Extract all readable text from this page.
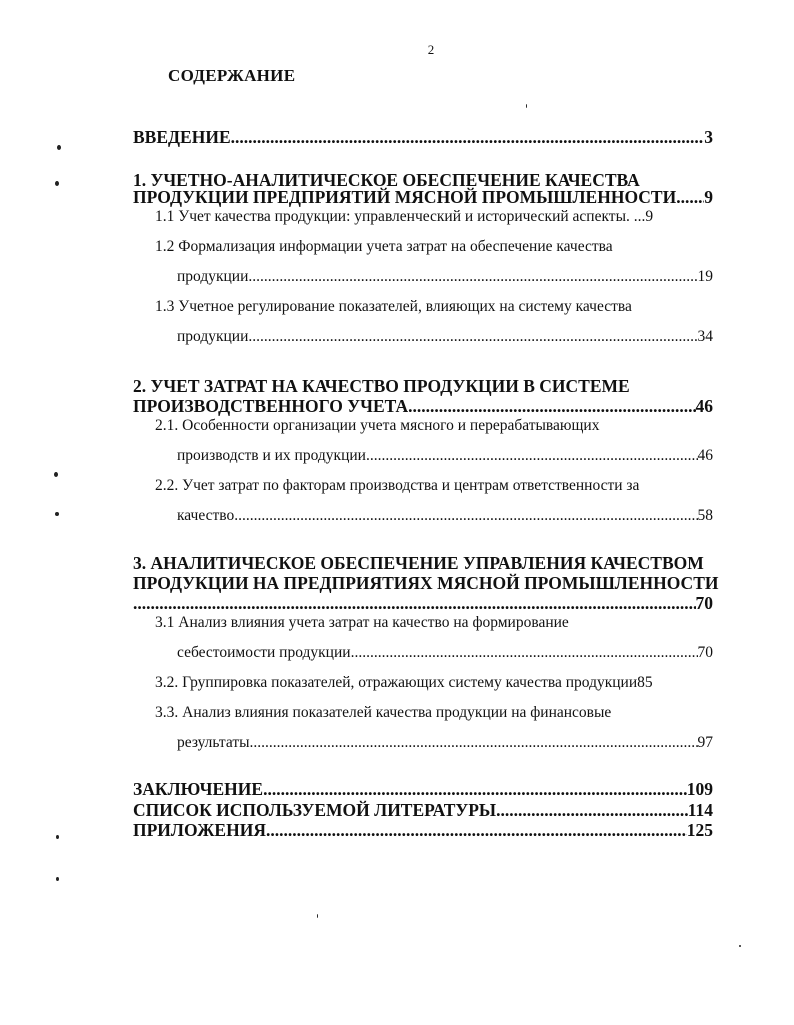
2
СОДЕРЖАНИЕ
ВВЕДЕНИЕ .....	3
1. УЧЕТНО-АНАЛИТИЧЕСКОЕ ОБЕСПЕЧЕНИЕ КАЧЕСТВА
ПРОДУКЦИИ ПРЕДПРИЯТИЙ МЯСНОЙ ПРОМЫШЛЕННОСТИ ..... 9
1.1 Учет качества продукции: управленческий и исторический аспекты. .. .9
1.2 Формализация информации учета затрат на обеспечение качества
продукции .....	19
1.3 Учетное регулирование показателей, влияющих на систему качества
продукции .....	34
2. УЧЕТ ЗАТРАТ НА КАЧЕСТВО ПРОДУКЦИИ В СИСТЕМЕ
ПРОИЗВОДСТВЕННОГО УЧЕТА .....	46
2.1. Особенности организации учета мясного и перерабатывающих
производств и их продукции .....	46
2.2. Учет затрат по факторам производства и центрам ответственности за
качество .....	58
3. АНАЛИТИЧЕСКОЕ ОБЕСПЕЧЕНИЕ УПРАВЛЕНИЯ КАЧЕСТВОМ
ПРОДУКЦИИ НА ПРЕДПРИЯТИЯХ МЯСНОЙ ПРОМЫШЛЕННОСТИ
.....
70
3.1 Анализ влияния учета затрат на качество на формирование
себестоимости продукции .....	70
3.2. Группировка показателей, отражающих систему качества продукции 85
3.3. Анализ влияния показателей качества продукции на финансовые
результаты .....	97
ЗАКЛЮЧЕНИЕ .....	109
СПИСОК ИСПОЛЬЗУЕМОЙ ЛИТЕРАТУРЫ .....	114
ПРИЛОЖЕНИЯ .....	125
